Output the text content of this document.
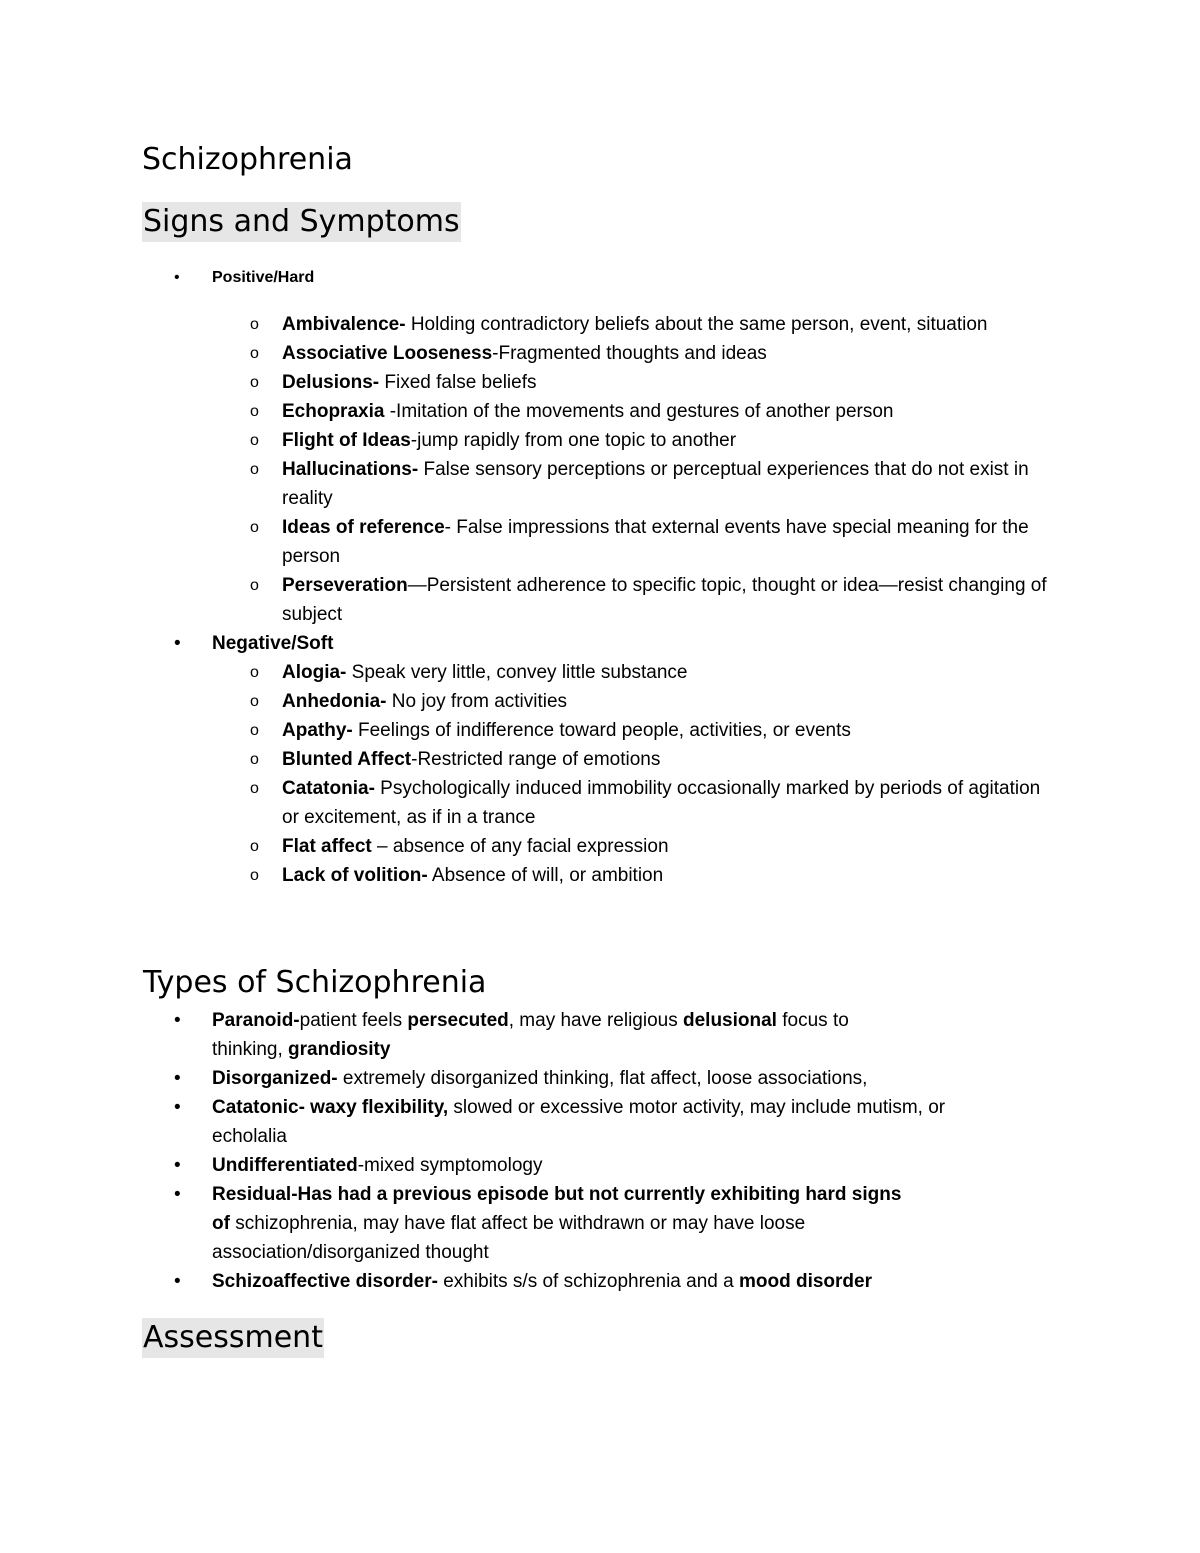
Schizophrenia
Signs and Symptoms
• Positive/Hard
o Ambivalence- Holding contradictory beliefs about the same person, event, situation
o Associative Looseness-Fragmented thoughts and ideas
o Delusions- Fixed false beliefs
o Echopraxia -Imitation of the movements and gestures of another person
o Flight of Ideas-jump rapidly from one topic to another
o Hallucinations- False sensory perceptions or perceptual experiences that do not exist in reality
o Ideas of reference- False impressions that external events have special meaning for the person
o Perseveration—Persistent adherence to specific topic, thought or idea—resist changing of subject
• Negative/Soft
o Alogia- Speak very little, convey little substance
o Anhedonia- No joy from activities
o Apathy- Feelings of indifference toward people, activities, or events
o Blunted Affect-Restricted range of emotions
o Catatonia- Psychologically induced immobility occasionally marked by periods of agitation or excitement, as if in a trance
o Flat affect – absence of any facial expression
o Lack of volition- Absence of will, or ambition
Types of Schizophrenia
• Paranoid-patient feels persecuted, may have religious delusional focus to
thinking, grandiosity
• Disorganized- extremely disorganized thinking, flat affect, loose associations,
• Catatonic- waxy flexibility, slowed or excessive motor activity, may include mutism, or
echolalia
• Undifferentiated-mixed symptomology
• Residual-Has had a previous episode but not currently exhibiting hard signs
of schizophrenia, may have flat affect be withdrawn or may have loose
association/disorganized thought
• Schizoaffective disorder- exhibits s/s of schizophrenia and a mood disorder
Assessment
